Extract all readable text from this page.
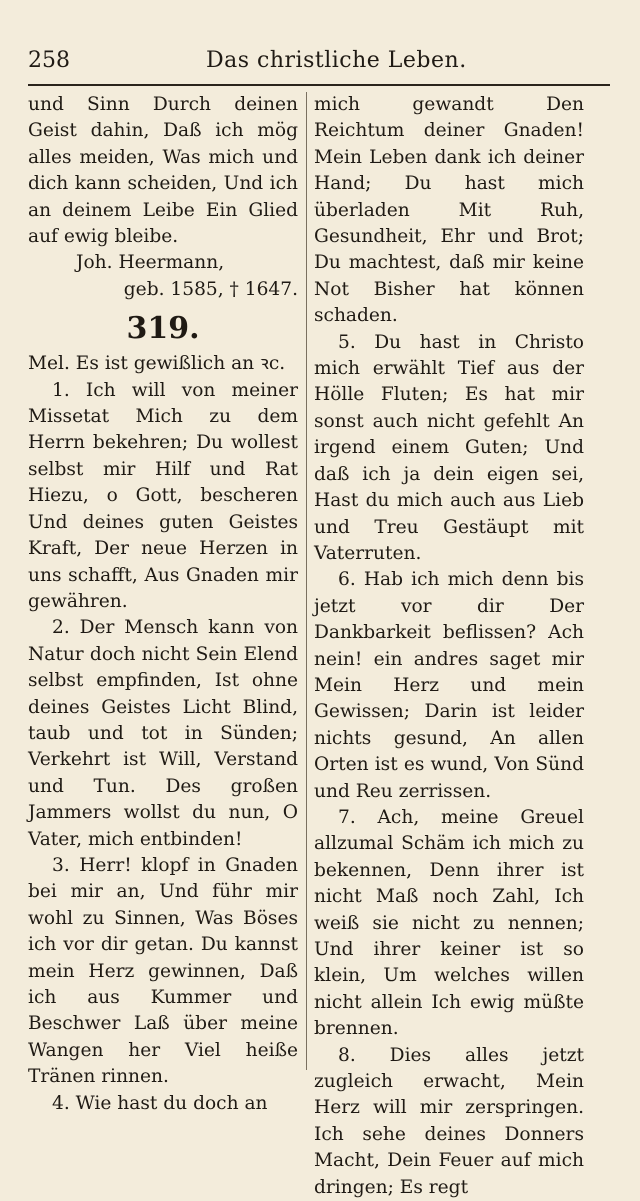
258	Das christliche Leben.

und Sinn Durch deinen Geist dahin, Daß ich mög alles meiden, Was mich und dich kann scheiden, Und ich an deinem Leibe Ein Glied auf ewig bleibe.

Joh. Heermann,

geb. 1585, † 1647.

319.

Mel. Es ist gewißlich an ꝛc.

1. Ich will von meiner Missetat Mich zu dem Herrn bekehren; Du wollest selbst mir Hilf und Rat Hiezu, o Gott, bescheren Und deines guten Geistes Kraft, Der neue Herzen in uns schafft, Aus Gnaden mir gewähren.

2. Der Mensch kann von Natur doch nicht Sein Elend selbst empfinden, Ist ohne deines Geistes Licht Blind, taub und tot in Sünden; Verkehrt ist Will, Verstand und Tun. Des großen Jammers wollst du nun, O Vater, mich entbinden!

3. Herr! klopf in Gnaden bei mir an, Und führ mir wohl zu Sinnen, Was Böses ich vor dir getan. Du kannst mein Herz gewinnen, Daß ich aus Kummer und Beschwer Laß über meine Wangen her Viel heiße Tränen rinnen.

4. Wie hast du doch an

mich gewandt Den Reichtum deiner Gnaden! Mein Leben dank ich deiner Hand; Du hast mich überladen Mit Ruh, Gesundheit, Ehr und Brot; Du machtest, daß mir keine Not Bisher hat können schaden.

5. Du hast in Christo mich erwählt Tief aus der Hölle Fluten; Es hat mir sonst auch nicht gefehlt An irgend einem Guten; Und daß ich ja dein eigen sei, Hast du mich auch aus Lieb und Treu Gestäupt mit Vaterruten.

6. Hab ich mich denn bis jetzt vor dir Der Dankbarkeit beflissen? Ach nein! ein andres saget mir Mein Herz und mein Gewissen; Darin ist leider nichts gesund, An allen Orten ist es wund, Von Sünd und Reu zerrissen.

7. Ach, meine Greuel allzumal Schäm ich mich zu bekennen, Denn ihrer ist nicht Maß noch Zahl, Ich weiß sie nicht zu nennen; Und ihrer keiner ist so klein, Um welches willen nicht allein Ich ewig müßte brennen.

8. Dies alles jetzt zugleich erwacht, Mein Herz will mir zerspringen. Ich sehe deines Donners Macht, Dein Feuer auf mich dringen; Es regt
